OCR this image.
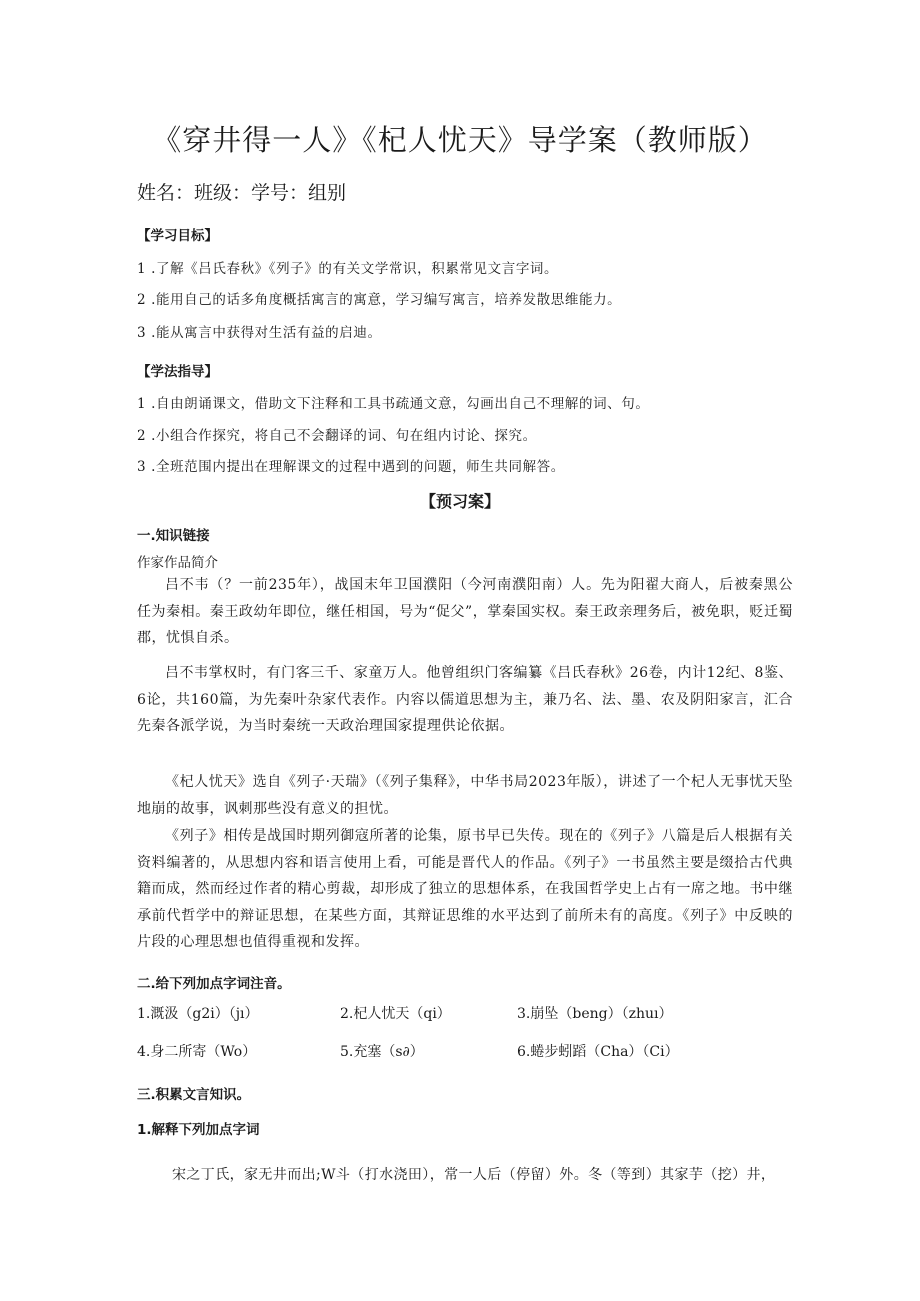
《穿井得一人》《杞人忧天》导学案（教师版）
姓名：班级：学号：组别
【学习目标】
1 .了解《吕氏春秋》《列子》的有关文学常识，积累常见文言字词。
2 .能用自己的话多角度概括寓言的寓意，学习编写寓言，培养发散思维能力。
3 .能从寓言中获得对生活有益的启迪。
【学法指导】
1 .自由朗诵课文，借助文下注释和工具书疏通文意，勾画出自己不理解的词、句。
2 .小组合作探究，将自己不会翻译的词、句在组内讨论、探究。
3 .全班范围内提出在理解课文的过程中遇到的问题，师生共同解答。
【预习案】
一.知识链接
作家作品简介
吕不韦（？一前235年），战国末年卫国濮阳（今河南濮阳南）人。先为阳翟大商人，后被秦黑公任为秦相。秦王政幼年即位，继任相国，号为“促父”，掌秦国实权。秦王政亲理务后，被免职，贬迁蜀郡，忧惧自杀。
吕不韦掌权时，有门客三千、家童万人。他曾组织门客编纂《吕氏春秋》26卷，内计12纪、8鉴、6论，共160篇，为先秦叶杂家代表作。内容以儒道思想为主，兼乃名、法、墨、农及阴阳家言，汇合先秦各派学说，为当时秦统一天政治理国家提理供论依据。
《杞人忧天》选自《列子·天瑞》（《列子集释》，中华书局2023年版），讲述了一个杞人无事忧天坠地崩的故事，讽刺那些没有意义的担忧。
《列子》相传是战国时期列御寇所著的论集，原书早已失传。现在的《列子》八篇是后人根据有关资料编著的，从思想内容和语言使用上看，可能是晋代人的作品。《列子》一书虽然主要是缀拾古代典籍而成，然而经过作者的精心剪裁，却形成了独立的思想体系，在我国哲学史上占有一席之地。书中继承前代哲学中的辩证思想，在某些方面，其辩证思维的水平达到了前所未有的高度。《列子》中反映的片段的心理思想也值得重视和发挥。
二.给下列加点字词注音。
1.溉汲（g2i）（jı）	2.杞人忧天（qi）	3.崩坠（beng）（zhuı）
4.身二所寄（Wo）	5.充塞（s∂）	6.蜷步蚓蹈（Cha）（Ci）
三.积累文言知识。
1.解释下列加点字词
宋之丁氏，家无井而出;W斗（打水浇田），常一人后（停留）外。冬（等到）其家芋（挖）井，
